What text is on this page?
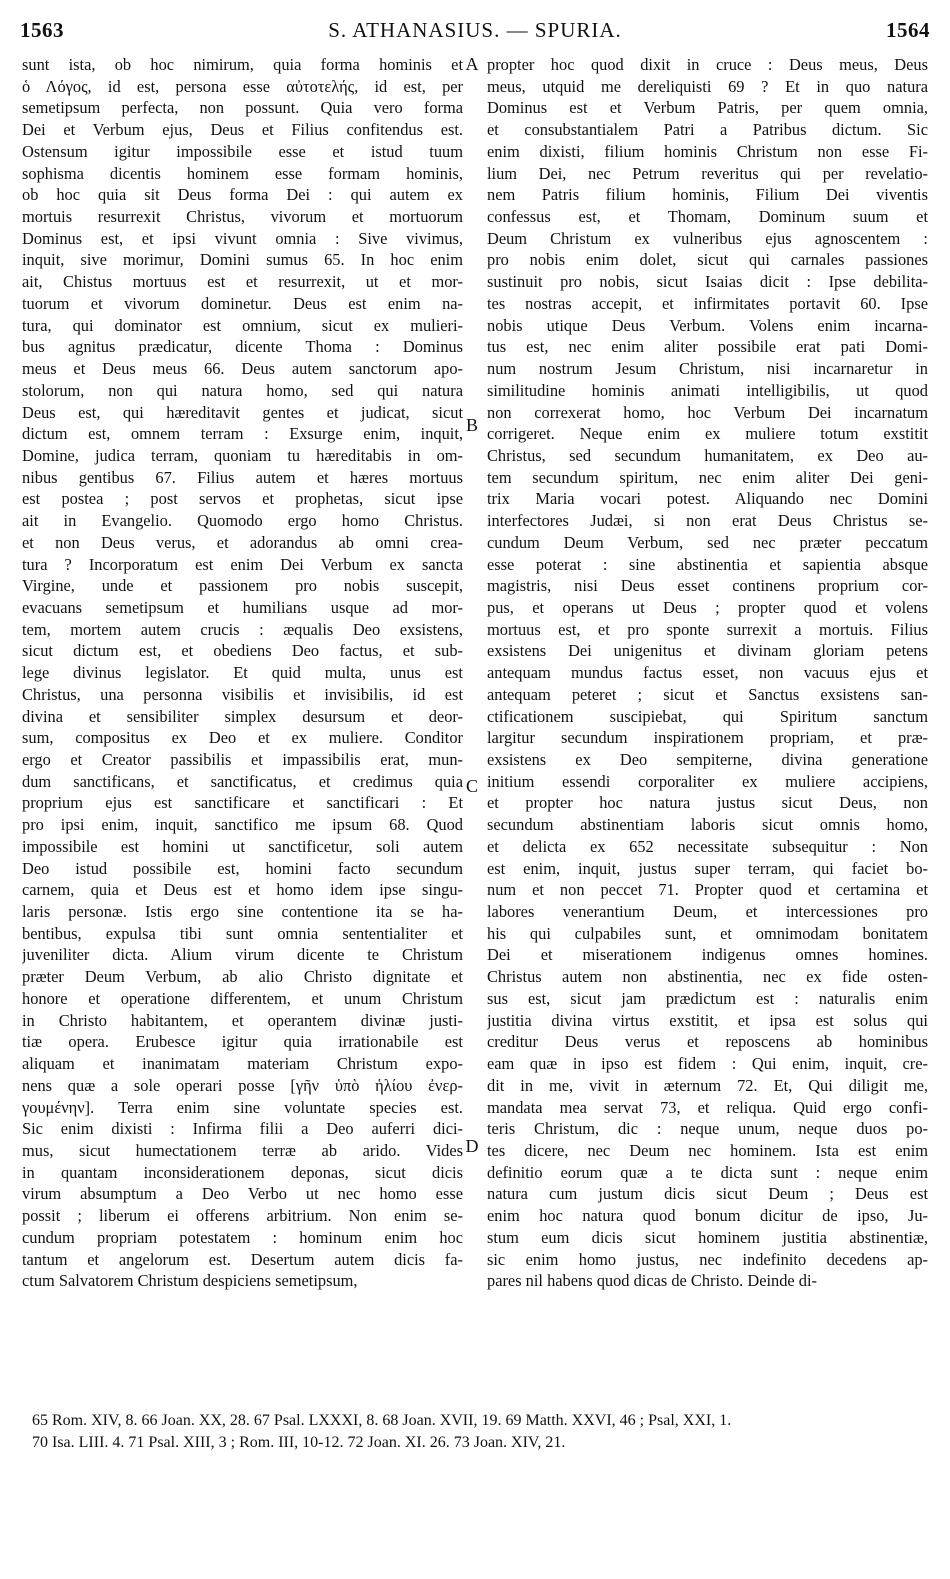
1563	S. ATHANASIUS. — SPURIA.	1564
sunt ista, ob hoc nimirum, quia forma hominis et
ὁ Λόγος, id est, persona esse αὐτοτελής, id est, per
semetipsum perfecta, non possunt. Quia vero forma
Dei et Verbum ejus, Deus et Filius confitendus est.
Ostensum igitur impossibile esse et istud tuum
sophisma dicentis hominem esse formam hominis,
ob hoc quia sit Deus forma Dei : qui autem ex
mortuis resurrexit Christus, vivorum et mortuorum
Dominus est, et ipsi vivunt omnia : Sive vivimus,
inquit, sive morimur, Domini sumus 65. In hoc enim
ait, Chistus mortuus est et resurrexit, ut et mor-
tuorum et vivorum dominetur. Deus est enim na-
tura, qui dominator est omnium, sicut ex mulieri-
bus agnitus prædicatur, dicente Thoma : Dominus
meus et Deus meus 66. Deus autem sanctorum apo-
stolorum, non qui natura homo, sed qui natura
Deus est, qui hæreditavit gentes et judicat, sicut
dictum est, omnem terram : Exsurge enim, inquit,
Domine, judica terram, quoniam tu hæreditabis in om-
nibus gentibus 67. Filius autem et hæres mortuus
est postea ; post servos et prophetas, sicut ipse
ait in Evangelio. Quomodo ergo homo Christus.
et non Deus verus, et adorandus ab omni crea-
tura ? Incorporatum est enim Dei Verbum ex sancta
Virgine, unde et passionem pro nobis suscepit,
evacuans semetipsum et humilians usque ad mor-
tem, mortem autem crucis : æqualis Deo exsistens,
sicut dictum est, et obediens Deo factus, et sub-
lege divinus legislator. Et quid multa, unus est
Christus, una personna visibilis et invisibilis, id est
divina et sensibiliter simplex desursum et deor-
sum, compositus ex Deo et ex muliere. Conditor
ergo et Creator passibilis et impassibilis erat, mun-
dum sanctificans, et sanctificatus, et credimus quia
proprium ejus est sanctificare et sanctificari : Et
pro ipsi enim, inquit, sanctifico me ipsum 68. Quod
impossibile est homini ut sanctificetur, soli autem
Deo istud possibile est, homini facto secundum
carnem, quia et Deus est et homo idem ipse singu-
laris personæ. Istis ergo sine contentione ita se ha-
bentibus, expulsa tibi sunt omnia sententialiter et
juveniliter dicta. Alium virum dicente te Christum
præter Deum Verbum, ab alio Christo dignitate et
honore et operatione differentem, et unum Christum
in Christo habitantem, et operantem divinæ justi-
tiæ opera. Erubesce igitur quia irrationabile est
aliquam et inanimatam materiam Christum expo-
nens quæ a sole operari posse [γῆν ὑπὸ ἡλίου ἐνερ-
γουμένην]. Terra enim sine voluntate species est.
Sic enim dixisti : Infirma filii a Deo auferri dici-
mus, sicut humectationem terræ ab arido. Vides
in quantam inconsiderationem deponas, sicut dicis
virum absumptum a Deo Verbo ut nec homo esse
possit ; liberum ei offerens arbitrium. Non enim se-
cundum propriam potestatem : hominum enim hoc
tantum et angelorum est. Desertum autem dicis fa-
ctum Salvatorem Christum despiciens semetipsum,
A
B
C
D
propter hoc quod dixit in cruce : Deus meus, Deus
meus, utquid me dereliquisti 69 ? Et in quo natura
Dominus est et Verbum Patris, per quem omnia,
et consubstantialem Patri a Patribus dictum. Sic
enim dixisti, filium hominis Christum non esse Fi-
lium Dei, nec Petrum reveritus qui per revelatio-
nem Patris filium hominis, Filium Dei viventis
confessus est, et Thomam, Dominum suum et
Deum Christum ex vulneribus ejus agnoscentem :
pro nobis enim dolet, sicut qui carnales passiones
sustinuit pro nobis, sicut Isaias dicit : Ipse debilita-
tes nostras accepit, et infirmitates portavit 60. Ipse
nobis utique Deus Verbum. Volens enim incarna-
tus est, nec enim aliter possibile erat pati Domi-
num nostrum Jesum Christum, nisi incarnaretur in
similitudine hominis animati intelligibilis, ut quod
non correxerat homo, hoc Verbum Dei incarnatum
corrigeret. Neque enim ex muliere totum exstitit
Christus, sed secundum humanitatem, ex Deo au-
tem secundum spiritum, nec enim aliter Dei geni-
trix Maria vocari potest. Aliquando nec Domini
interfectores Judæi, si non erat Deus Christus se-
cundum Deum Verbum, sed nec præter peccatum
esse poterat : sine abstinentia et sapientia absque
magistris, nisi Deus esset continens proprium cor-
pus, et operans ut Deus ; propter quod et volens
mortuus est, et pro sponte surrexit a mortuis. Filius
exsistens Dei unigenitus et divinam gloriam petens
antequam mundus factus esset, non vacuus ejus et
antequam peteret ; sicut et Sanctus exsistens san-
ctificationem suscipiebat, qui Spiritum sanctum
largitur secundum inspirationem propriam, et præ-
exsistens ex Deo sempiterne, divina generatione
initium essendi corporaliter ex muliere accipiens,
et propter hoc natura justus sicut Deus, non
secundum abstinentiam laboris sicut omnis homo,
et delicta ex 652 necessitate subsequitur : Non
est enim, inquit, justus super terram, qui faciet bo-
num et non peccet 71. Propter quod et certamina et
labores venerantium Deum, et intercessiones pro
his qui culpabiles sunt, et omnimodam bonitatem
Dei et miserationem indigenus omnes homines.
Christus autem non abstinentia, nec ex fide osten-
sus est, sicut jam prædictum est : naturalis enim
justitia divina virtus exstitit, et ipsa est solus qui
creditur Deus verus et reposcens ab hominibus
eam quæ in ipso est fidem : Qui enim, inquit, cre-
dit in me, vivit in æternum 72. Et, Qui diligit me,
mandata mea servat 73, et reliqua. Quid ergo confi-
teris Christum, dic : neque unum, neque duos po-
tes dicere, nec Deum nec hominem. Ista est enim
definitio eorum quæ a te dicta sunt : neque enim
natura cum justum dicis sicut Deum ; Deus est
enim hoc natura quod bonum dicitur de ipso, Ju-
stum eum dicis sicut hominem justitia abstinentiæ,
sic enim homo justus, nec indefinito decedens ap-
pares nil habens quod dicas de Christo. Deinde di-
65 Rom. XIV, 8. 66 Joan. XX, 28. 67 Psal. LXXXI, 8. 68 Joan. XVII, 19. 69 Matth. XXVI, 46 ; Psal, XXI, 1.
70 Isa. LIII. 4. 71 Psal. XIII, 3 ; Rom. III, 10-12. 72 Joan. XI. 26. 73 Joan. XIV, 21.
